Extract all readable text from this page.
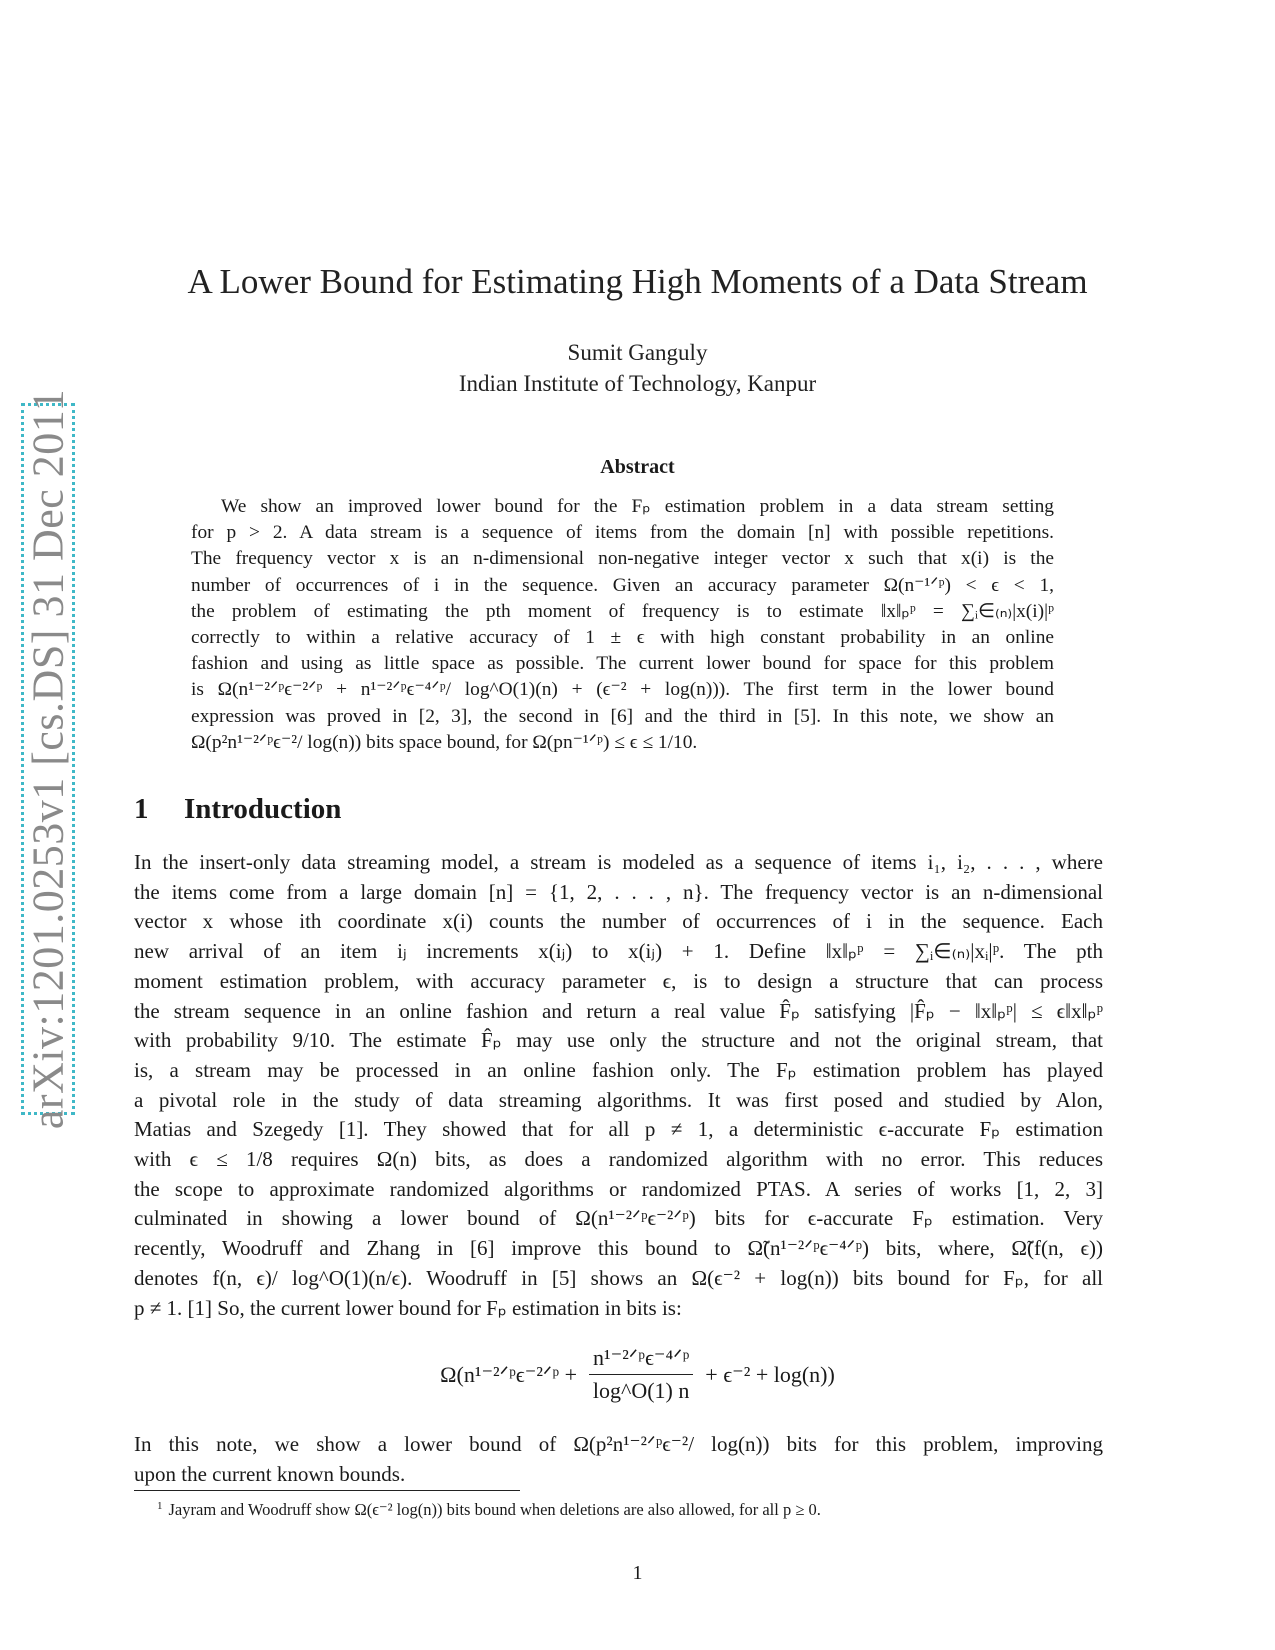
arXiv:1201.0253v1 [cs.DS] 31 Dec 2011
A Lower Bound for Estimating High Moments of a Data Stream
Sumit Ganguly
Indian Institute of Technology, Kanpur
Abstract
We show an improved lower bound for the Fₚ estimation problem in a data stream setting
for p > 2. A data stream is a sequence of items from the domain [n] with possible repetitions.
The frequency vector x is an n-dimensional non-negative integer vector x such that x(i) is the
number of occurrences of i in the sequence. Given an accuracy parameter Ω(n⁻¹ᐟᵖ) < ϵ < 1,
the problem of estimating the pth moment of frequency is to estimate ‖x‖ₚᵖ = ∑ᵢ∈₍ₙ₎|x(i)|ᵖ
correctly to within a relative accuracy of 1 ± ϵ with high constant probability in an online
fashion and using as little space as possible. The current lower bound for space for this problem
is Ω(n¹⁻²ᐟᵖϵ⁻²ᐟᵖ + n¹⁻²ᐟᵖϵ⁻⁴ᐟᵖ/ log^O(1)(n) + (ϵ⁻² + log(n))). The first term in the lower bound
expression was proved in [2, 3], the second in [6] and the third in [5]. In this note, we show an
Ω(p²n¹⁻²ᐟᵖϵ⁻²/ log(n)) bits space bound, for Ω(pn⁻¹ᐟᵖ) ≤ ϵ ≤ 1/10.
1 Introduction
In the insert-only data streaming model, a stream is modeled as a sequence of items i₁, i₂, . . . , where
the items come from a large domain [n] = {1, 2, . . . , n}. The frequency vector is an n-dimensional
vector x whose ith coordinate x(i) counts the number of occurrences of i in the sequence. Each
new arrival of an item iⱼ increments x(iⱼ) to x(iⱼ) + 1. Define ‖x‖ₚᵖ = ∑ᵢ∈₍ₙ₎|xᵢ|ᵖ. The pth
moment estimation problem, with accuracy parameter ϵ, is to design a structure that can process
the stream sequence in an online fashion and return a real value F̂ₚ satisfying |F̂ₚ − ‖x‖ₚᵖ| ≤ ϵ‖x‖ₚᵖ
with probability 9/10. The estimate F̂ₚ may use only the structure and not the original stream, that
is, a stream may be processed in an online fashion only. The Fₚ estimation problem has played
a pivotal role in the study of data streaming algorithms. It was first posed and studied by Alon,
Matias and Szegedy [1]. They showed that for all p ≠ 1, a deterministic ϵ-accurate Fₚ estimation
with ϵ ≤ 1/8 requires Ω(n) bits, as does a randomized algorithm with no error. This reduces
the scope to approximate randomized algorithms or randomized PTAS. A series of works [1, 2, 3]
culminated in showing a lower bound of Ω(n¹⁻²ᐟᵖϵ⁻²ᐟᵖ) bits for ϵ-accurate Fₚ estimation. Very
recently, Woodruff and Zhang in [6] improve this bound to Ω̃(n¹⁻²ᐟᵖϵ⁻⁴ᐟᵖ) bits, where, Ω̃(f(n, ϵ))
denotes f(n, ϵ)/ log^O(1)(n/ϵ). Woodruff in [5] shows an Ω(ϵ⁻² + log(n)) bits bound for Fₚ, for all
p ≠ 1. [1] So, the current lower bound for Fₚ estimation in bits is:
Ω(n¹⁻²ᐟᵖϵ⁻²ᐟᵖ + $\frac{\text{n¹⁻²ᐟᵖϵ⁻⁴ᐟᵖ}}{\log\^{}O(1) n} + \epsilon^{-2} + \log(n)$)
In this note, we show a lower bound of Ω(p²n¹⁻²ᐟᵖϵ⁻²/ log(n)) bits for this problem, improving
upon the current known bounds.
$^1$ Jayram and Woodruff show Ω(ϵ⁻² log(n)) bits bound when deletions are also allowed, for all p ≥ 0.
1
